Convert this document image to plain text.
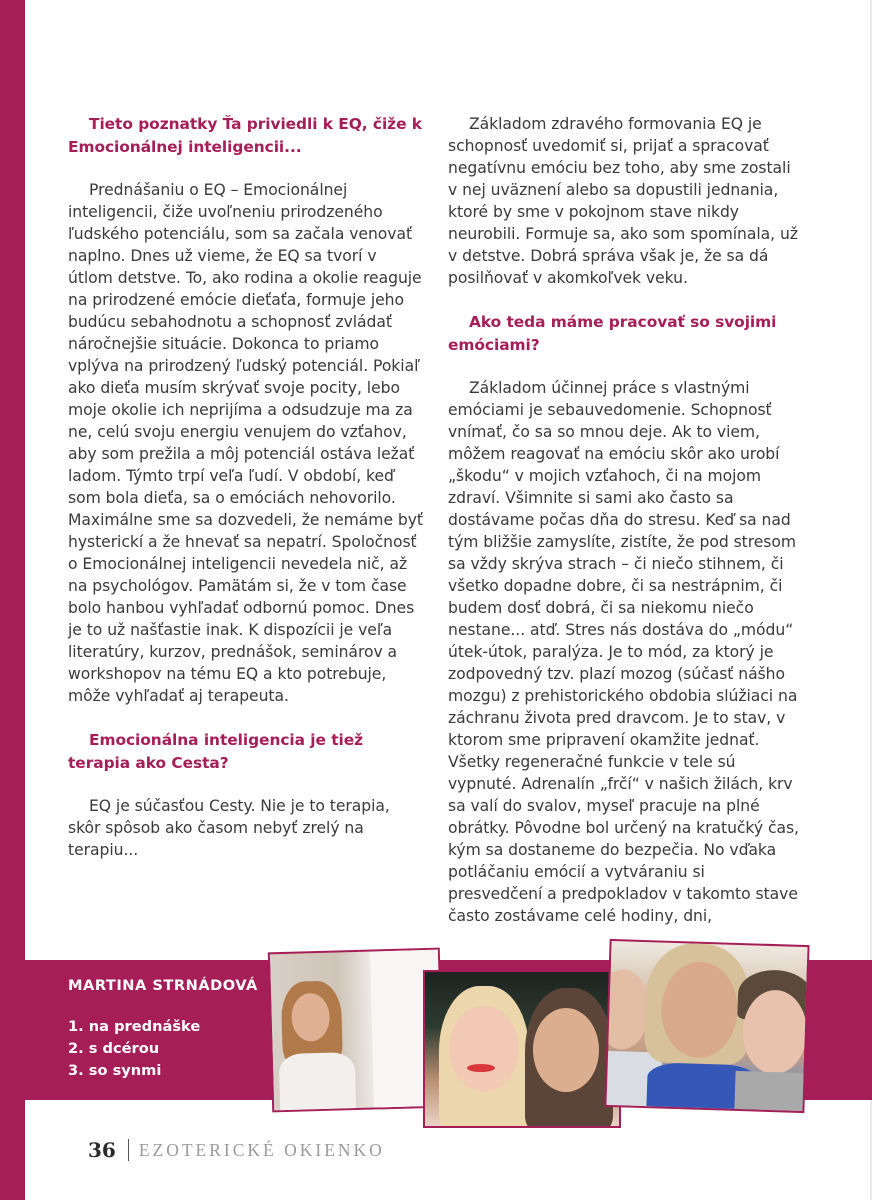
Tieto poznatky Ťa priviedli k EQ, čiže k Emocionálnej inteligencii...

Prednášaniu o EQ – Emocionálnej inteligencii, čiže uvoľneniu prirodzeného ľudského potenciálu, som sa začala venovať naplno. Dnes už vieme, že EQ sa tvorí v útlom detstve. To, ako rodina a okolie reaguje na prirodzené emócie dieťaťa, formuje jeho budúcu sebahodnotu a schopnosť zvládať náročnejšie situácie. Dokonca to priamo vplýva na prirodzený ľudský potenciál. Pokiaľ ako dieťa musím skrývať svoje pocity, lebo moje okolie ich neprijíma a odsudzuje ma za ne, celú svoju energiu venujem do vzťahov, aby som prežila a môj potenciál ostáva ležať ladom. Týmto trpí veľa ľudí. V období, keď som bola dieťa, sa o emóciách nehovorilo. Maximálne sme sa dozvedeli, že nemáme byť hysterickí a že hnevať sa nepatrí. Spoločnosť o Emocionálnej inteligencii nevedela nič, až na psychológov. Pamätám si, že v tom čase bolo hanbou vyhľadať odbornú pomoc. Dnes je to už našťastie inak. K dispozícii je veľa literatúry, kurzov, prednášok, seminárov a workshopov na tému EQ a kto potrebuje, môže vyhľadať aj terapeuta.

Emocionálna inteligencia je tiež terapia ako Cesta?

EQ je súčasťou Cesty. Nie je to terapia, skôr spôsob ako časom nebyť zrelý na terapiu...

Základom zdravého formovania EQ je schopnosť uvedomiť si, prijať a spracovať negatívnu emóciu bez toho, aby sme zostali v nej uväznení alebo sa dopustili jednania, ktoré by sme v pokojnom stave nikdy neurobili. Formuje sa, ako som spomínala, už v detstve. Dobrá správa však je, že sa dá posilňovať v akomkoľvek veku.

Ako teda máme pracovať so svojimi emóciami?

Základom účinnej práce s vlastnými emóciami je sebauvedomenie. Schopnosť vnímať, čo sa so mnou deje. Ak to viem, môžem reagovať na emóciu skôr ako urobí „škodu“ v mojich vzťahoch, či na mojom zdraví. Všimnite si sami ako často sa dostávame počas dňa do stresu. Keď sa nad tým bližšie zamyslíte, zistíte, že pod stresom sa vždy skrýva strach – či niečo stihnem, či všetko dopadne dobre, či sa nestrápnim, či budem dosť dobrá, či sa niekomu niečo nestane... atď. Stres nás dostáva do „módu“ útek-útok, paralýza. Je to mód, za ktorý je zodpovedný tzv. plazí mozog (súčasť nášho mozgu) z prehistorického obdobia slúžiaci na záchranu života pred dravcom. Je to stav, v ktorom sme pripravení okamžite jednať. Všetky regeneračné funkcie v tele sú vypnuté. Adrenalín „frčí“ v našich žilách, krv sa valí do svalov, myseľ pracuje na plné obrátky. Pôvodne bol určený na kratučký čas, kým sa dostaneme do bezpečia. No vďaka potláčaniu emócií a vytváraniu si presvedčení a predpokladov v takomto stave často zostávame celé hodiny, dni,

MARTINA STRNÁDOVÁ
1. na prednáške
2. s dcérou
3. so synmi
36 EZOTERICKÉ OKIENKO
